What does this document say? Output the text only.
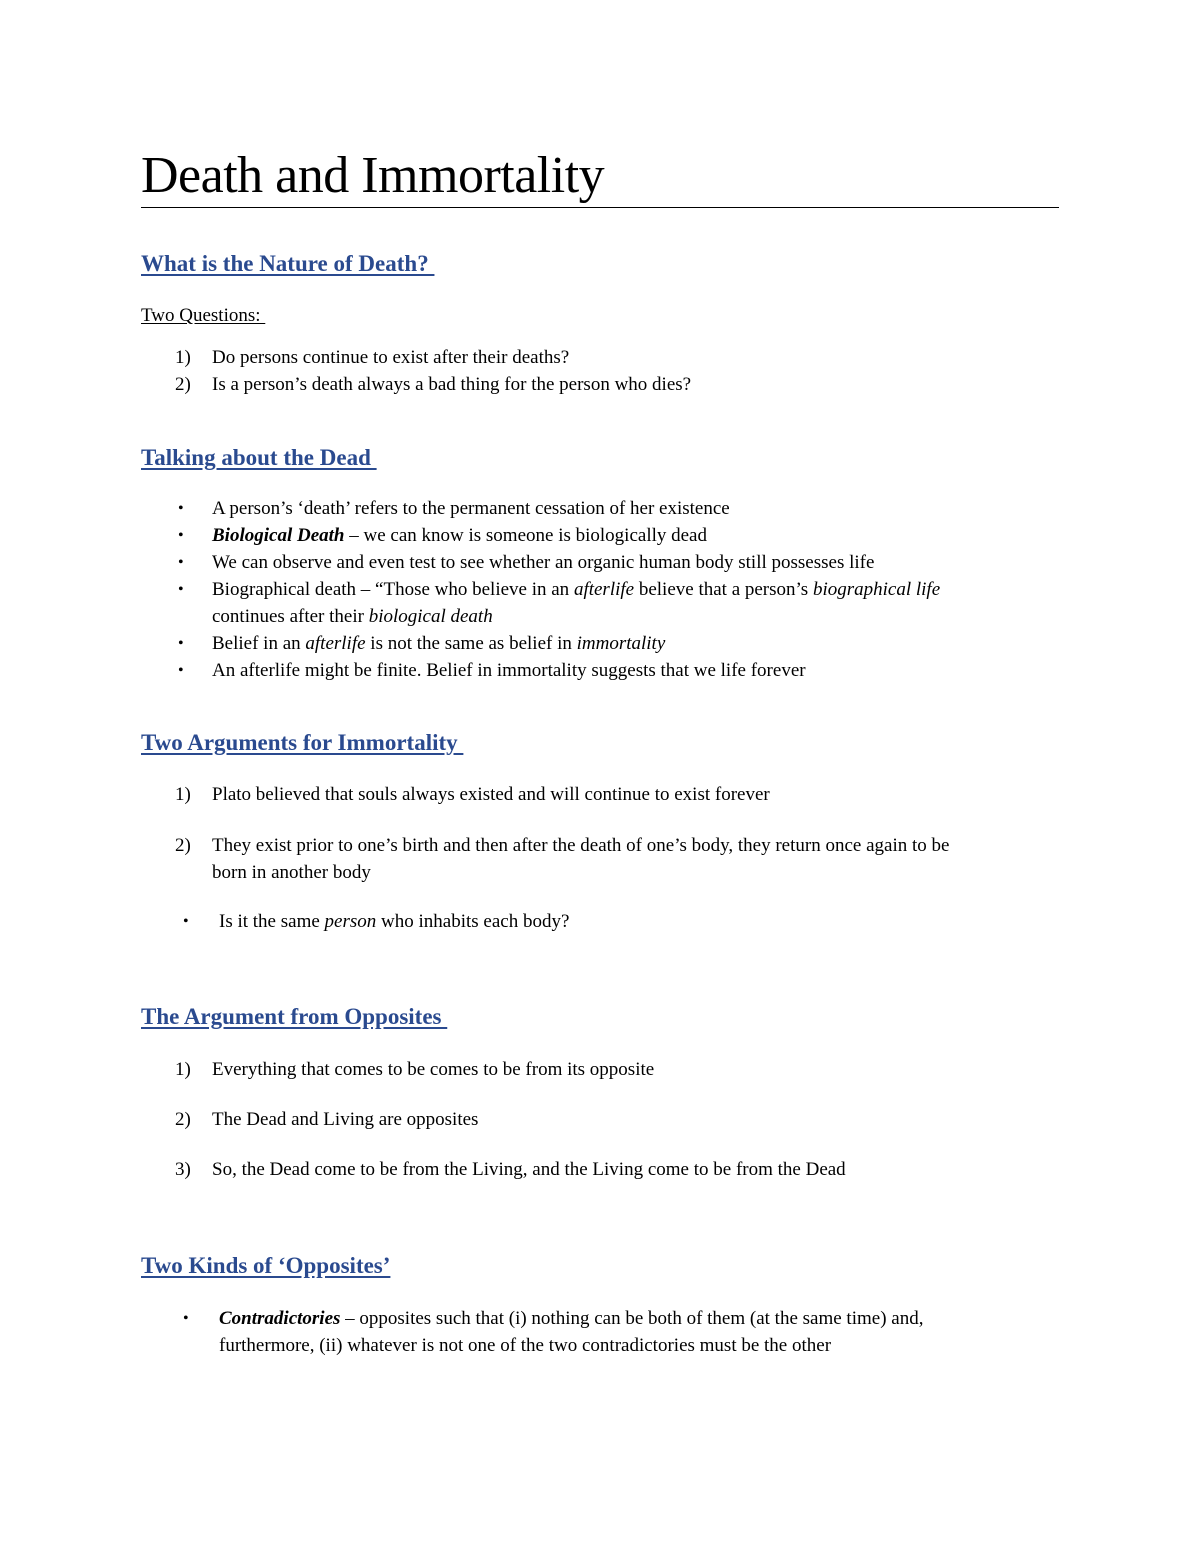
Death and Immortality
What is the Nature of Death?
Two Questions:
1) Do persons continue to exist after their deaths?
2) Is a person’s death always a bad thing for the person who dies?
Talking about the Dead
• A person’s ‘death’ refers to the permanent cessation of her existence
• Biological Death – we can know is someone is biologically dead
• We can observe and even test to see whether an organic human body still possesses life
• Biographical death – “Those who believe in an afterlife believe that a person’s biographical life
continues after their biological death
• Belief in an afterlife is not the same as belief in immortality
• An afterlife might be finite. Belief in immortality suggests that we life forever
Two Arguments for Immortality
1) Plato believed that souls always existed and will continue to exist forever
2) They exist prior to one’s birth and then after the death of one’s body, they return once again to be
born in another body
• Is it the same person who inhabits each body?
The Argument from Opposites
1) Everything that comes to be comes to be from its opposite
2) The Dead and Living are opposites
3) So, the Dead come to be from the Living, and the Living come to be from the Dead
Two Kinds of ‘Opposites’
• Contradictories – opposites such that (i) nothing can be both of them (at the same time) and,
furthermore, (ii) whatever is not one of the two contradictories must be the other
